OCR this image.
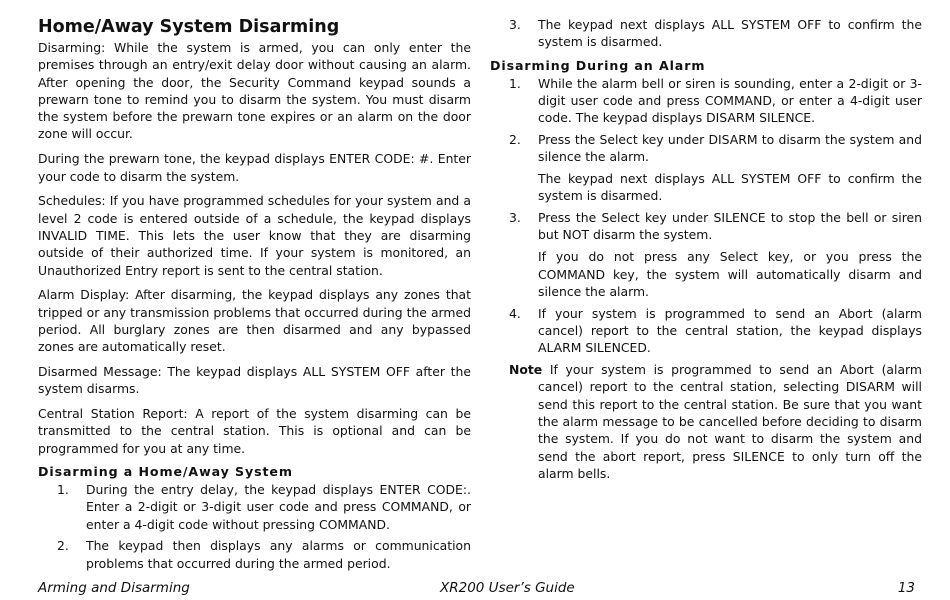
Home/Away System Disarming

Disarming: While the system is armed, you can only enter the premises through an entry/exit delay door without causing an alarm. After opening the door, the Security Command keypad sounds a prewarn tone to remind you to disarm the system. You must disarm the system before the prewarn tone expires or an alarm on the door zone will occur.

During the prewarn tone, the keypad displays ENTER CODE: #. Enter your code to disarm the system.

Schedules: If you have programmed schedules for your system and a level 2 code is entered outside of a schedule, the keypad displays INVALID TIME. This lets the user know that they are disarming outside of their authorized time. If your system is monitored, an Unauthorized Entry report is sent to the central station.

Alarm Display: After disarming, the keypad displays any zones that tripped or any transmission problems that occurred during the armed period. All burglary zones are then disarmed and any bypassed zones are automatically reset.

Disarmed Message: The keypad displays ALL SYSTEM OFF after the system disarms.

Central Station Report: A report of the system disarming can be transmitted to the central station. This is optional and can be programmed for you at any time.

Disarming a Home/Away System
1. During the entry delay, the keypad displays ENTER CODE:. Enter a 2-digit or 3-digit user code and press COMMAND, or enter a 4-digit code without pressing COMMAND.
2. The keypad then displays any alarms or communication problems that occurred during the armed period.
3. The keypad next displays ALL SYSTEM OFF to confirm the system is disarmed.
Disarming During an Alarm
1. While the alarm bell or siren is sounding, enter a 2-digit or 3-digit user code and press COMMAND, or enter a 4-digit user code. The keypad displays DISARM SILENCE.
2. Press the Select key under DISARM to disarm the system and silence the alarm.
The keypad next displays ALL SYSTEM OFF to confirm the system is disarmed.
3. Press the Select key under SILENCE to stop the bell or siren but NOT disarm the system.
If you do not press any Select key, or you press the COMMAND key, the system will automatically disarm and silence the alarm.
4. If your system is programmed to send an Abort (alarm cancel) report to the central station, the keypad displays ALARM SILENCED.
Note
: If your system is programmed to send an Abort (alarm cancel) report to the central station, selecting DISARM will send this report to the central station. Be sure that you want the alarm message to be cancelled before deciding to disarm the system. If you do not want to disarm the system and send the abort report, press SILENCE to only turn off the alarm bells.
Arming and Disarming	XR200 User’s Guide	13
